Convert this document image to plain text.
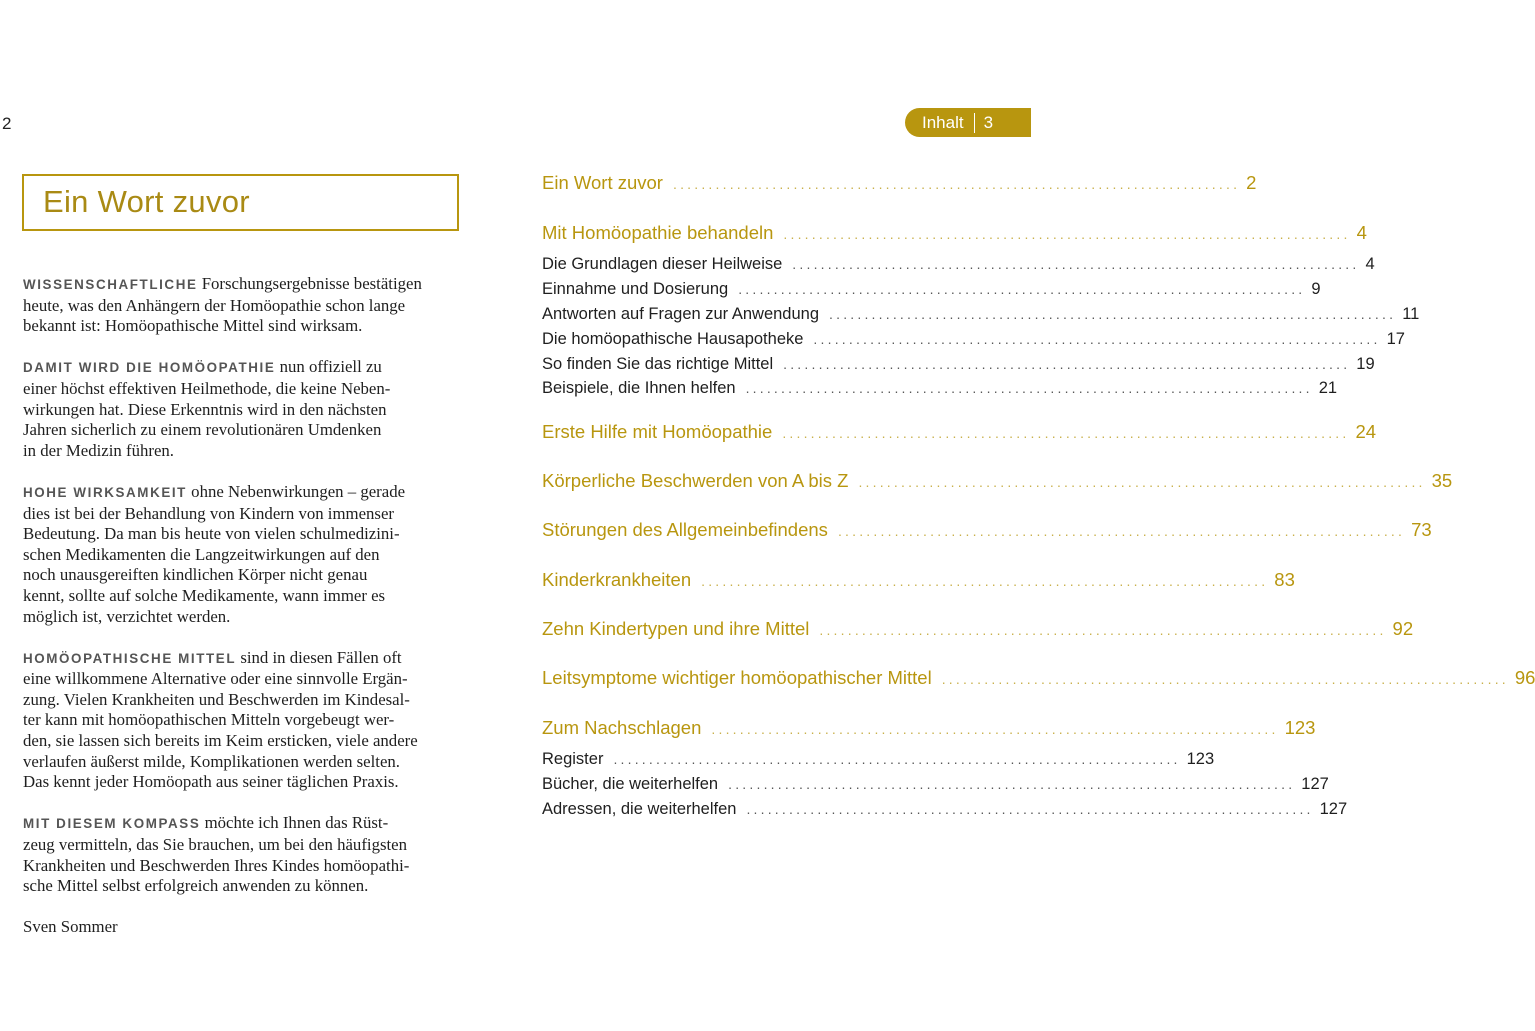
2	Inhalt 3
Ein Wort zuvor
WISSENSCHAFTLICHE Forschungsergebnisse bestätigen
heute, was den Anhängern der Homöopathie schon lange
bekannt ist: Homöopathische Mittel sind wirksam.
DAMIT WIRD DIE HOMÖOPATHIE nun offiziell zu
einer höchst effektiven Heilmethode, die keine Neben-
wirkungen hat. Diese Erkenntnis wird in den nächsten
Jahren sicherlich zu einem revolutionären Umdenken
in der Medizin führen.
HOHE WIRKSAMKEIT ohne Nebenwirkungen – gerade
dies ist bei der Behandlung von Kindern von immenser
Bedeutung. Da man bis heute von vielen schulmedizini-
schen Medikamenten die Langzeitwirkungen auf den
noch unausgereiften kindlichen Körper nicht genau
kennt, sollte auf solche Medikamente, wann immer es
möglich ist, verzichtet werden.
HOMÖOPATHISCHE MITTEL sind in diesen Fällen oft
eine willkommene Alternative oder eine sinnvolle Ergän-
zung. Vielen Krankheiten und Beschwerden im Kindesal-
ter kann mit homöopathischen Mitteln vorgebeugt wer-
den, sie lassen sich bereits im Keim ersticken, viele andere
verlaufen äußerst milde, Komplikationen werden selten.
Das kennt jeder Homöopath aus seiner täglichen Praxis.
MIT DIESEM KOMPASS möchte ich Ihnen das Rüst-
zeug vermitteln, das Sie brauchen, um bei den häufigsten
Krankheiten und Beschwerden Ihres Kindes homöopathi-
sche Mittel selbst erfolgreich anwenden zu können.
Sven Sommer
Ein Wort zuvor ................................................................................ 2
Mit Homöopathie behandeln ................................................................................ 4
Die Grundlagen dieser Heilweise ................................................................................ 4
Einnahme und Dosierung ................................................................................ 9
Antworten auf Fragen zur Anwendung ................................................................................ 11
Die homöopathische Hausapotheke ................................................................................ 17
So finden Sie das richtige Mittel ................................................................................ 19
Beispiele, die Ihnen helfen ................................................................................ 21
Erste Hilfe mit Homöopathie ................................................................................ 24
Körperliche Beschwerden von A bis Z ................................................................................ 35
Störungen des Allgemeinbefindens ................................................................................ 73
Kinderkrankheiten ................................................................................ 83
Zehn Kindertypen und ihre Mittel ................................................................................ 92
Leitsymptome wichtiger homöopathischer Mittel ................................................................................ 96
Zum Nachschlagen ................................................................................ 123
Register ................................................................................ 123
Bücher, die weiterhelfen ................................................................................ 127
Adressen, die weiterhelfen ................................................................................ 127
